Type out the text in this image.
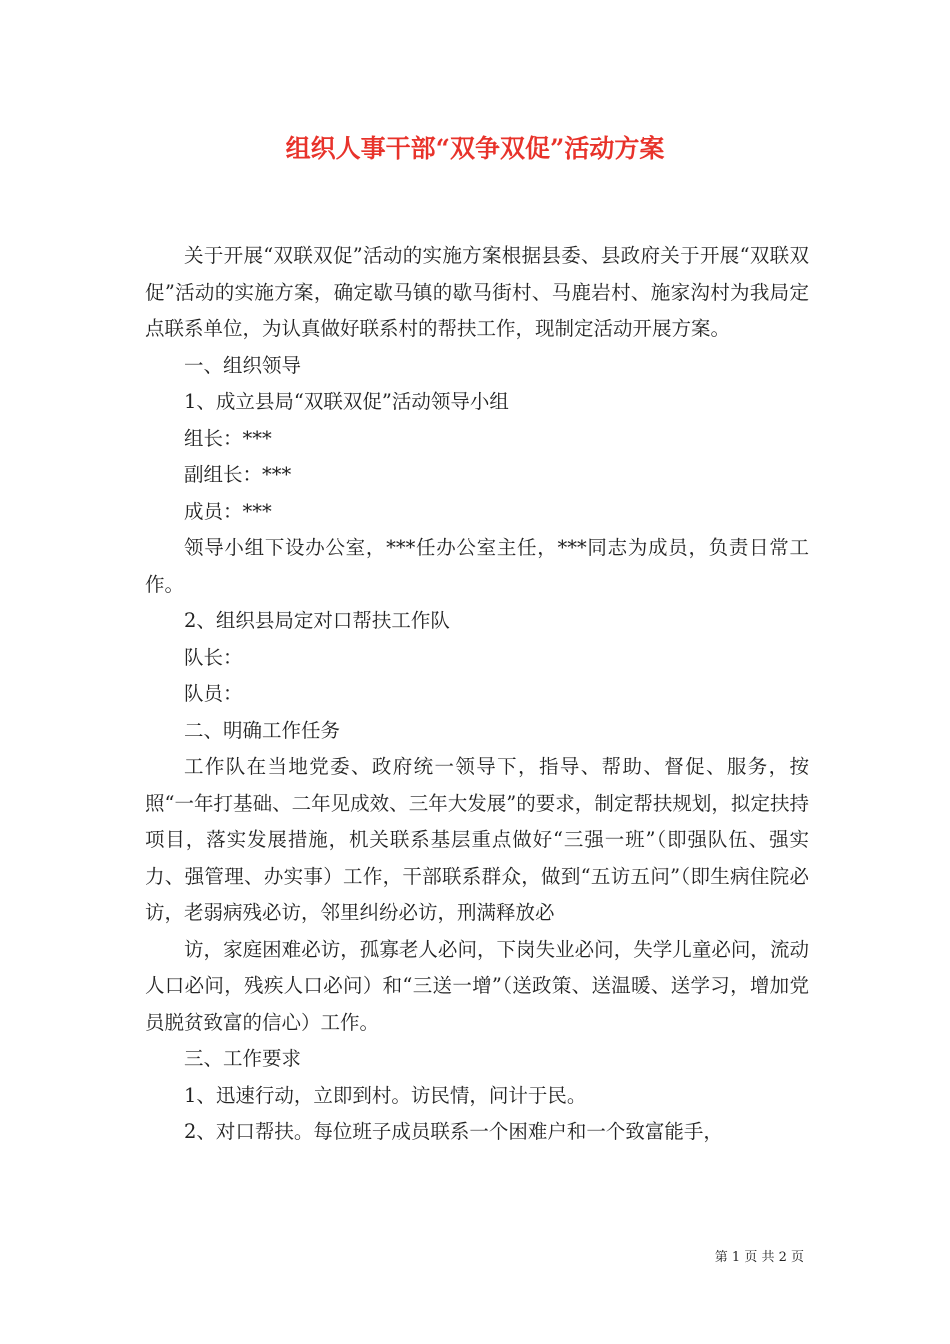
组织人事干部“双争双促”活动方案

关于开展“双联双促”活动的实施方案根据县委、县政府关于开展“双联双促”活动的实施方案，确定歇马镇的歇马街村、马鹿岩村、施家沟村为我局定点联系单位，为认真做好联系村的帮扶工作，现制定活动开展方案。

一、组织领导

1、成立县局“双联双促”活动领导小组

组长：***

副组长：***

成员：***

领导小组下设办公室，***任办公室主任，***同志为成员，负责日常工作。

2、组织县局定对口帮扶工作队

队长：

队员：

二、明确工作任务

工作队在当地党委、政府统一领导下，指导、帮助、督促、服务，按照“一年打基础、二年见成效、三年大发展”的要求，制定帮扶规划，拟定扶持项目，落实发展措施，机关联系基层重点做好“三强一班”（即强队伍、强实力、强管理、办实事）工作，干部联系群众，做到“五访五问”（即生病住院必访，老弱病残必访，邻里纠纷必访，刑满释放必

访，家庭困难必访，孤寡老人必问，下岗失业必问，失学儿童必问，流动人口必问，残疾人口必问）和“三送一增”（送政策、送温暖、送学习，增加党员脱贫致富的信心）工作。

三、工作要求

1、迅速行动，立即到村。访民情，问计于民。

2、对口帮扶。每位班子成员联系一个困难户和一个致富能手，

第 1 页 共 2 页
